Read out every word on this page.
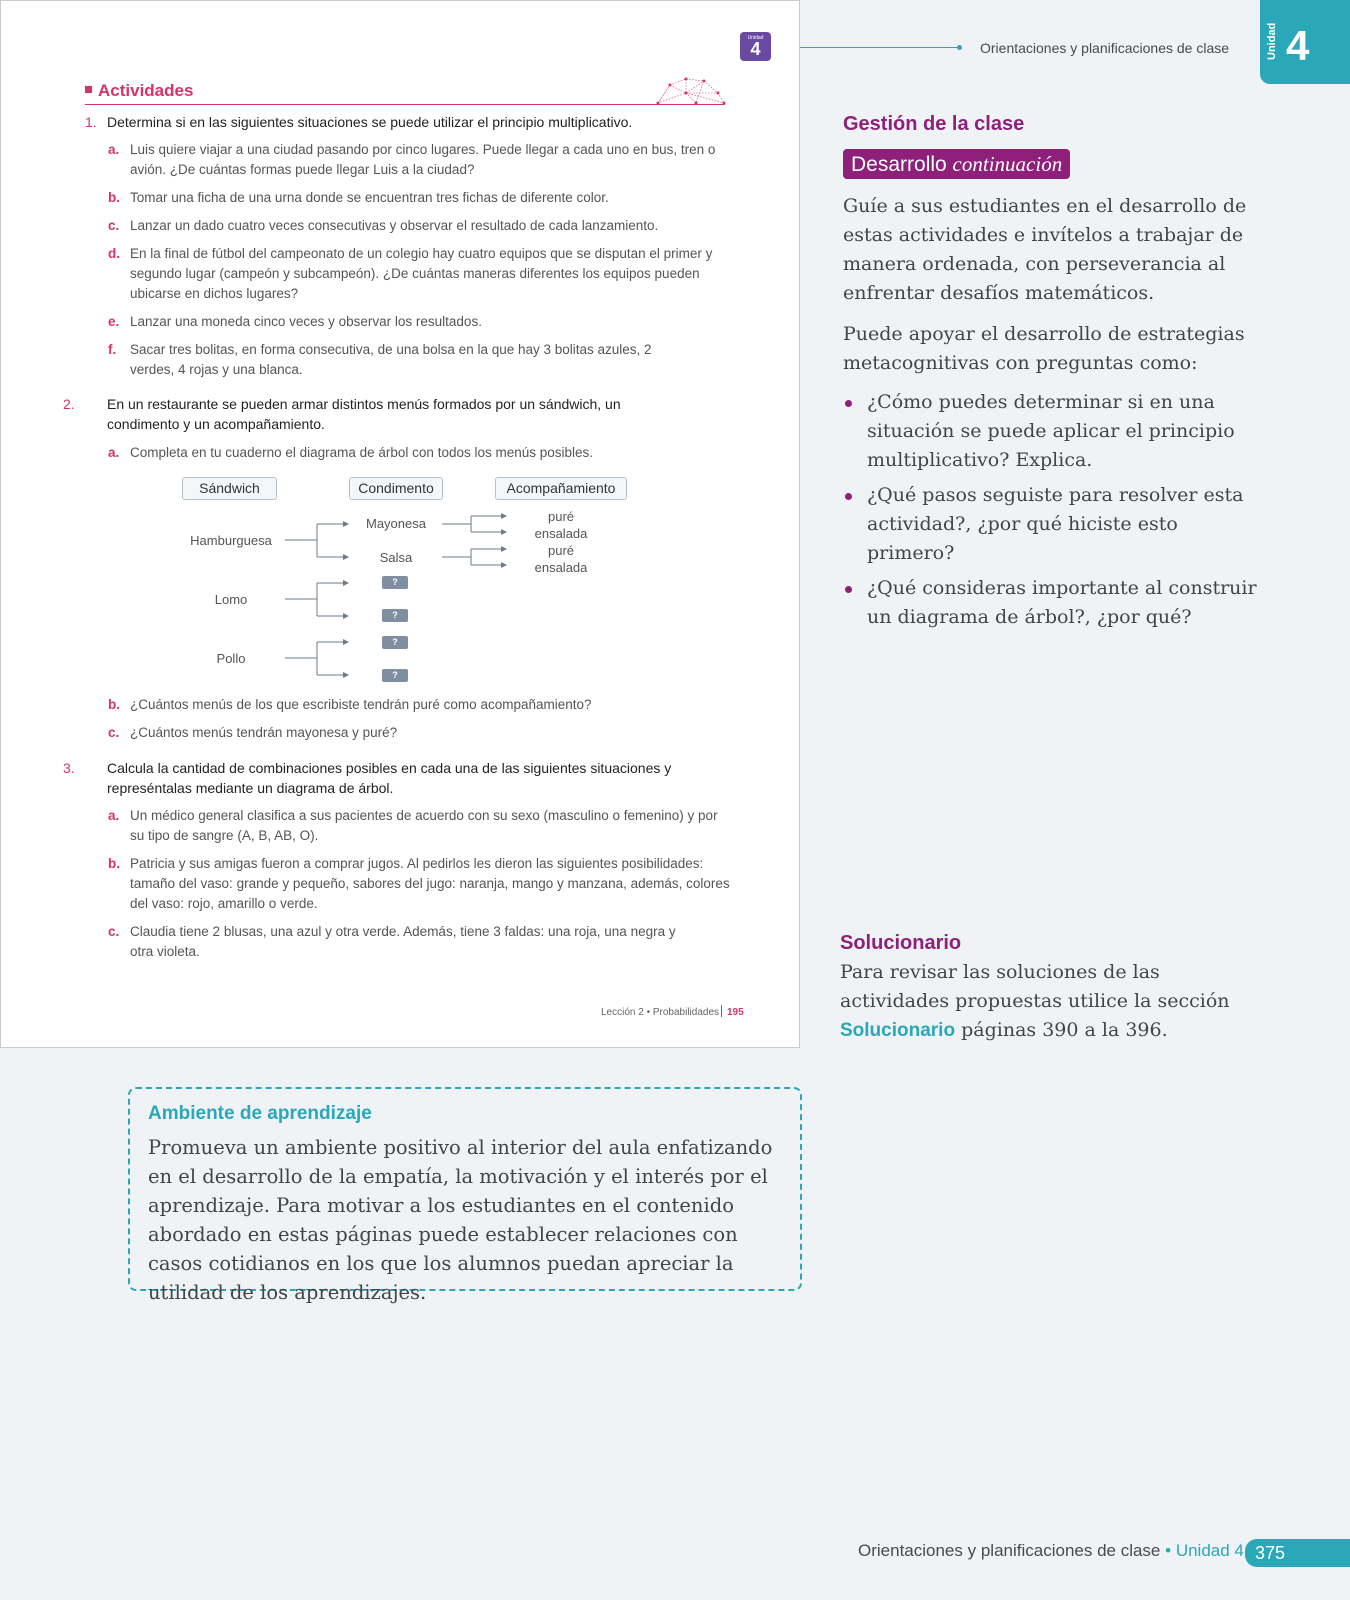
Orientaciones y planificaciones de clase	Unidad 4
Unidad
4
Actividades
1. Determina si en las siguientes situaciones se puede utilizar el principio multiplicativo.
a. Luis quiere viajar a una ciudad pasando por cinco lugares. Puede llegar a cada uno en bus, tren o avión. ¿De cuántas formas puede llegar Luis a la ciudad?
b. Tomar una ficha de una urna donde se encuentran tres fichas de diferente color.
c. Lanzar un dado cuatro veces consecutivas y observar el resultado de cada lanzamiento.
d. En la final de fútbol del campeonato de un colegio hay cuatro equipos que se disputan el primer y segundo lugar (campeón y subcampeón). ¿De cuántas maneras diferentes los equipos pueden ubicarse en dichos lugares?
e. Lanzar una moneda cinco veces y observar los resultados.
f. Sacar tres bolitas, en forma consecutiva, de una bolsa en la que hay 3 bolitas azules, 2 verdes, 4 rojas y una blanca.
2. En un restaurante se pueden armar distintos menús formados por un sándwich, un condimento y un acompañamiento.
a. Completa en tu cuaderno el diagrama de árbol con todos los menús posibles.
Sándwich	Condimento	Acompañamiento
Hamburguesa
Lomo
Pollo
Mayonesa
Salsa
puré
ensalada
puré
ensalada
?
?
?
?
b. ¿Cuántos menús de los que escribiste tendrán puré como acompañamiento?
c. ¿Cuántos menús tendrán mayonesa y puré?
3. Calcula la cantidad de combinaciones posibles en cada una de las siguientes situaciones y represéntalas mediante un diagrama de árbol.
a. Un médico general clasifica a sus pacientes de acuerdo con su sexo (masculino o femenino) y por su tipo de sangre (A, B, AB, O).
b. Patricia y sus amigas fueron a comprar jugos. Al pedirlos les dieron las siguientes posibilidades: tamaño del vaso: grande y pequeño, sabores del jugo: naranja, mango y manzana, además, colores del vaso: rojo, amarillo o verde.
c. Claudia tiene 2 blusas, una azul y otra verde. Además, tiene 3 faldas: una roja, una negra y otra violeta.
Lección 2 • Probabilidades 195
Gestión de la clase
Desarrollo continuación
Guíe a sus estudiantes en el desarrollo de estas actividades e invítelos a trabajar de manera ordenada, con perseverancia al enfrentar desafíos matemáticos.
Puede apoyar el desarrollo de estrategias metacognitivas con preguntas como:
¿Cómo puedes determinar si en una situación se puede aplicar el principio multiplicativo? Explica.
¿Qué pasos seguiste para resolver esta actividad?, ¿por qué hiciste esto primero?
¿Qué consideras importante al construir un diagrama de árbol?, ¿por qué?
Solucionario
Para revisar las soluciones de las actividades propuestas utilice la sección Solucionario páginas 390 a la 396.
Ambiente de aprendizaje
Promueva un ambiente positivo al interior del aula enfatizando en el desarrollo de la empatía, la motivación y el interés por el aprendizaje. Para motivar a los estudiantes en el contenido abordado en estas páginas puede establecer relaciones con casos cotidianos en los que los alumnos puedan apreciar la utilidad de los aprendizajes.
Orientaciones y planificaciones de clase • Unidad 4 375
